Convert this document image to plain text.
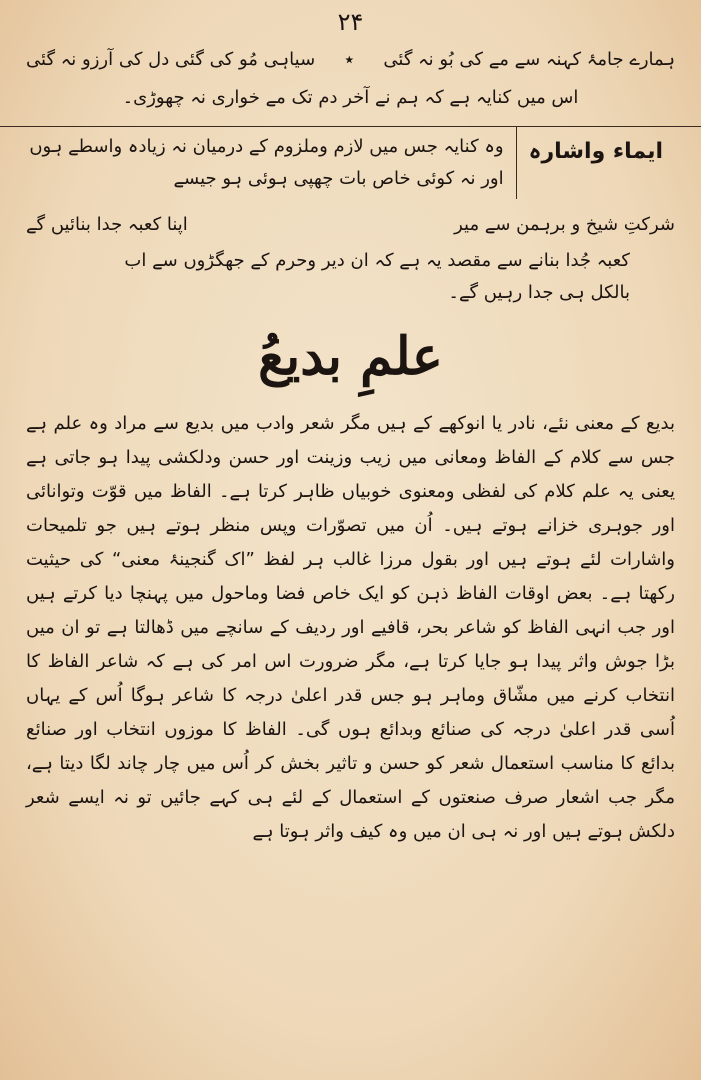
۲۴
ہمارے جامۂ کہنہ سے مے کی بُو نہ گئی
٭
سیاہی مُو کی گئی دل کی آرزو نہ گئی
اس میں کنایہ ہے کہ ہم نے آخر دم تک مے خواری نہ چھوڑی۔
ایماء واشارہ
وہ کنایہ جس میں لازم وملزوم کے درمیان نہ زیادہ واسطے ہوں
اور نہ کوئی خاص بات چھپی ہوئی ہو جیسے
شرکتِ شیخ و برہمن سے میر
اپنا کعبہ جدا بنائیں گے
کعبہ جُدا بنانے سے مقصد یہ ہے کہ ان دیر وحرم کے جھگڑوں سے اب
بالکل ہی جدا رہیں گے۔
علمِ بدیعُ
بدیع کے معنی نئے، نادر یا انوکھے کے ہیں مگر شعر وادب میں بدیع سے مراد وہ علمہے جس سے کلام کے الفاظ ومعانی میں زیب وزینت اور حسن ودلکشی پیدا ہو جاتی ہےیعنی یہ علم کلام کی لفظی ومعنوی خوبیاں ظاہر کرتا ہے۔ الفاظ میں قوّت وتوانائی اور جوہریخزانے ہوتے ہیں۔ اُن میں تصوّرات وپس منظر ہوتے ہیں جو تلمیحات واشارات لئے ہوتےہیں اور بقول مرزا غالب ہر لفظ ”اک گنجینۂ معنی“ کی حیثیت رکھتا ہے۔ بعض اوقاتالفاظ ذہن کو ایک خاص فضا وماحول میں پہنچا دیا کرتے ہیں اور جب انہی الفاظ کو شاعربحر، قافیے اور ردیف کے سانچے میں ڈھالتا ہے تو ان میں بڑا جوش واثر پیدا ہو جایا کرتاہے، مگر ضرورت اس امر کی ہے کہ شاعر الفاظ کا انتخاب کرنے میں مشّاق وماہر ہو جسقدر اعلیٰ درجہ کا شاعر ہوگا اُس کے یہاں اُسی قدر اعلیٰ درجہ کی صنائع وبدائعہوں گی۔ الفاظ کا موزوں انتخاب اور صنائع بدائع کا مناسب استعمال شعر کو حسن وتاثیر بخش کر اُس میں چار چاند لگا دیتا ہے، مگر جب اشعار صرف صنعتوں کے استعمال کےلئے ہی کہے جائیں تو نہ ایسے شعر دلکش ہوتے ہیں اور نہ ہی ان میں وہ کیف واثر ہوتا ہے
